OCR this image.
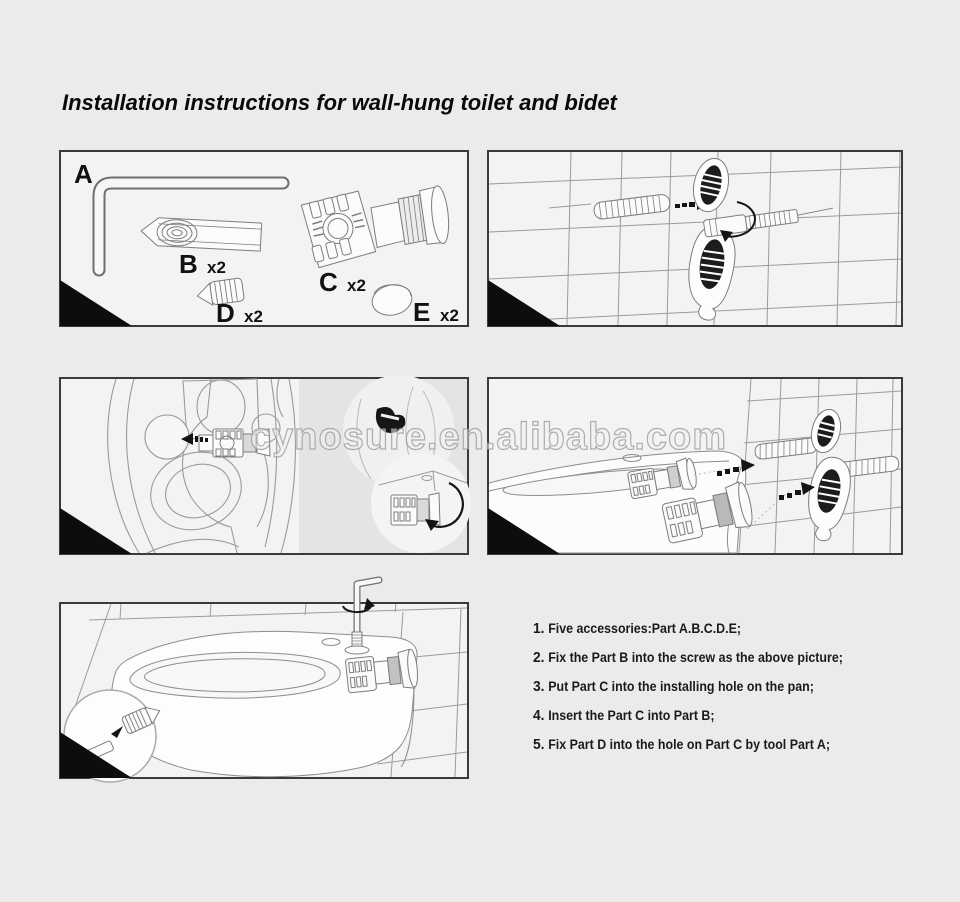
Installation instructions for wall-hung toilet and bidet
A
B x2	C x2
D x2	E x2
cynosure.en.alibaba.com
1. Five accessories:Part A.B.C.D.E;
2. Fix the Part B into the screw as the above picture;
3. Put Part C into the installing hole on the pan;
4. Insert the Part C into Part B;
5. Fix Part D into the hole on Part C by tool Part A;
